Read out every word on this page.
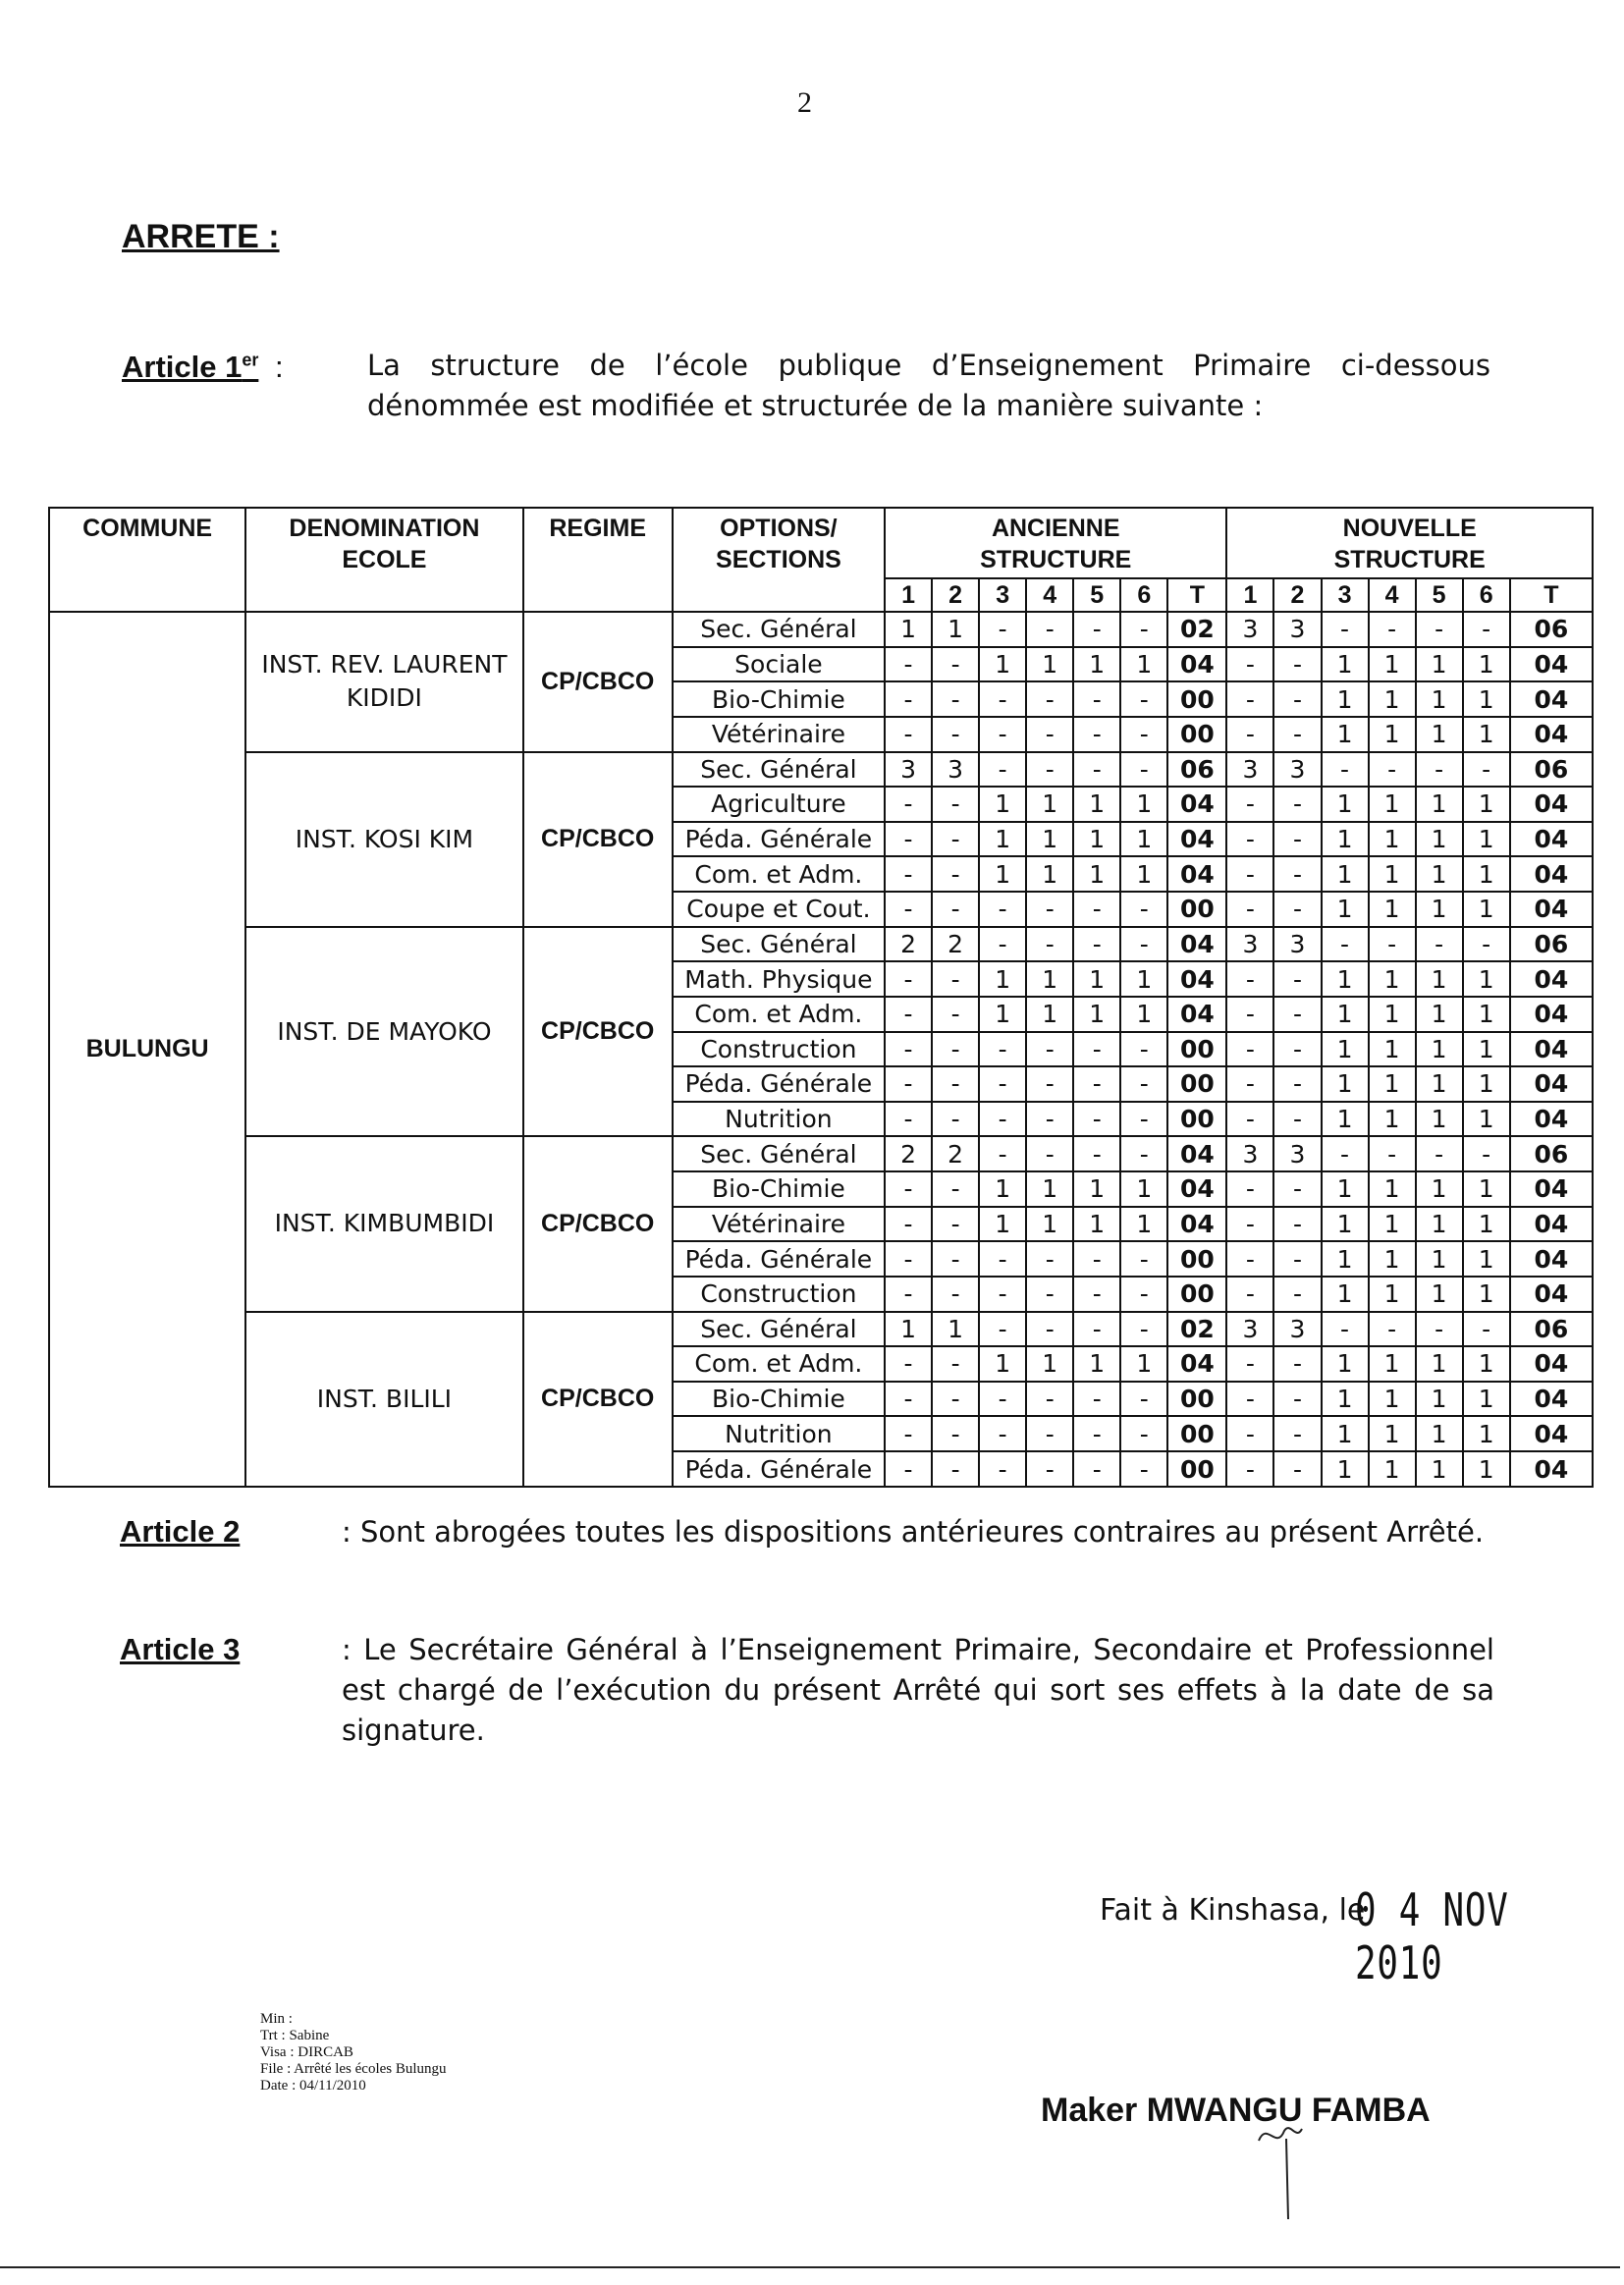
2
ARRETE :
Article 1er :	La structure de l’école publique d’Enseignement Primaire ci-dessous dénommée est modifiée et structurée de la manière suivante :
COMMUNE	DENOMINATION ECOLE	REGIME	OPTIONS/ SECTIONS	ANCIENNE STRUCTURE							NOUVELLE STRUCTURE						
				1	2	3	4	5	6	T	1	2	3	4	5	6	T
BULUNGU	INST. REV. LAURENT KIDIDI	CP/CBCO	Sec. Général	1	1	-	-	-	-	02	3	3	-	-	-	-	06
			Sociale	-	-	1	1	1	1	04	-	-	1	1	1	1	04
			Bio-Chimie	-	-	-	-	-	-	00	-	-	1	1	1	1	04
			Vétérinaire	-	-	-	-	-	-	00	-	-	1	1	1	1	04
	INST. KOSI KIM	CP/CBCO	Sec. Général	3	3	-	-	-	-	06	3	3	-	-	-	-	06
			Agriculture	-	-	1	1	1	1	04	-	-	1	1	1	1	04
			Péda. Générale	-	-	1	1	1	1	04	-	-	1	1	1	1	04
			Com. et Adm.	-	-	1	1	1	1	04	-	-	1	1	1	1	04
			Coupe et Cout.	-	-	-	-	-	-	00	-	-	1	1	1	1	04
	INST. DE MAYOKO	CP/CBCO	Sec. Général	2	2	-	-	-	-	04	3	3	-	-	-	-	06
			Math. Physique	-	-	1	1	1	1	04	-	-	1	1	1	1	04
			Com. et Adm.	-	-	1	1	1	1	04	-	-	1	1	1	1	04
			Construction	-	-	-	-	-	-	00	-	-	1	1	1	1	04
			Péda. Générale	-	-	-	-	-	-	00	-	-	1	1	1	1	04
			Nutrition	-	-	-	-	-	-	00	-	-	1	1	1	1	04
	INST. KIMBUMBIDI	CP/CBCO	Sec. Général	2	2	-	-	-	-	04	3	3	-	-	-	-	06
			Bio-Chimie	-	-	1	1	1	1	04	-	-	1	1	1	1	04
			Vétérinaire	-	-	1	1	1	1	04	-	-	1	1	1	1	04
			Péda. Générale	-	-	-	-	-	-	00	-	-	1	1	1	1	04
			Construction	-	-	-	-	-	-	00	-	-	1	1	1	1	04
	INST. BILILI	CP/CBCO	Sec. Général	1	1	-	-	-	-	02	3	3	-	-	-	-	06
			Com. et Adm.	-	-	1	1	1	1	04	-	-	1	1	1	1	04
			Bio-Chimie	-	-	-	-	-	-	00	-	-	1	1	1	1	04
			Nutrition	-	-	-	-	-	-	00	-	-	1	1	1	1	04
			Péda. Générale	-	-	-	-	-	-	00	-	-	1	1	1	1	04
Article 2	: Sont abrogées toutes les dispositions antérieures contraires au présent Arrêté.
Article 3	: Le Secrétaire Général à l’Enseignement Primaire, Secondaire et Professionnel est chargé de l’exécution du présent Arrêté qui sort ses effets à la date de sa signature.
Fait à Kinshasa, le
0 4 NOV 2010
Maker MWANGU FAMBA
Min :
Trt : Sabine
Visa : DIRCAB
File : Arrêté les écoles Bulungu
Date : 04/11/2010
